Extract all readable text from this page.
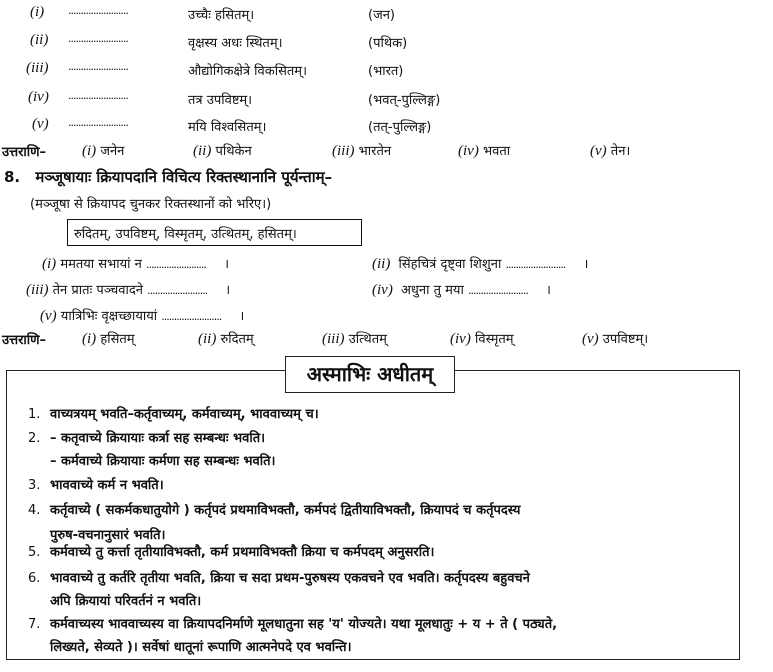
(i) ........................	उच्चैः हसितम्।	(जन)
(ii) ........................	वृक्षस्य अधः स्थितम्।	(पथिक)
(iii) ........................	औद्योगिकक्षेत्रे विकसितम्।	(भारत)
(iv) ........................	तत्र उपविष्टम्।	(भवत्-पुल्लिङ्ग)
(v) ........................	मयि विश्वसितम्।	(तत्-पुल्लिङ्ग)
उत्तराणि– (i) जनेन	(ii) पथिकेन	(iii) भारतेन	(iv) भवता	(v) तेन।
8. मञ्जूषायाः क्रियापदानि विचित्य रिक्तस्थानानि पूर्यन्ताम्–
(मञ्जूषा से क्रियापद चुनकर रिक्तस्थानों को भरिए।)
रुदितम्, उपविष्टम्, विस्मृतम्, उत्थितम्, हसितम्।
(i) ममतया सभायां न ........................ ।	(ii) सिंहचित्रं दृष्ट्वा शिशुना ........................ ।
(iii) तेन प्रातः पञ्चवादने ........................ ।	(iv) अधुना तु मया ........................ ।
(v) यात्रिभिः वृक्षच्छायायां ........................ ।
उत्तराणि– (i) हसितम्	(ii) रुदितम्	(iii) उत्थितम्	(iv) विस्मृतम्	(v) उपविष्टम्।
अस्माभिः अधीतम्
1. वाच्यत्रयम् भवति–कर्तृवाच्यम्, कर्मवाच्यम्, भाववाच्यम् च।
2. – कतृवाच्ये क्रियायाः कर्त्रा सह सम्बन्धः भवति।
– कर्मवाच्ये क्रियायाः कर्मणा सह सम्बन्धः भवति।
3. भाववाच्ये कर्म न भवति।
4. कर्तृवाच्ये ( सकर्मकधातुयोगे ) कर्तृपदं प्रथमाविभक्तौ, कर्मपदं द्वितीयाविभक्तौ, क्रियापदं च कर्तृपदस्य
पुरुष-वचनानुसारं भवति।
5. कर्मवाच्ये तु कर्त्ता तृतीयाविभक्तौ, कर्म प्रथमाविभक्तौ क्रिया च कर्मपदम् अनुसरति।
6. भाववाच्ये तु कर्तरि तृतीया भवति, क्रिया च सदा प्रथम-पुरुषस्य एकवचने एव भवति। कर्तृपदस्य बहुवचने
अपि क्रियायां परिवर्तनं न भवति।
7. कर्मवाच्यस्य भाववाच्यस्य वा क्रियापदनिर्माणे मूलधातुना सह 'य' योज्यते। यथा मूलधातुः + य + ते ( पठ्यते,
लिख्यते, सेव्यते )। सर्वेषां धातूनां रूपाणि आत्मनेपदे एव भवन्ति।
